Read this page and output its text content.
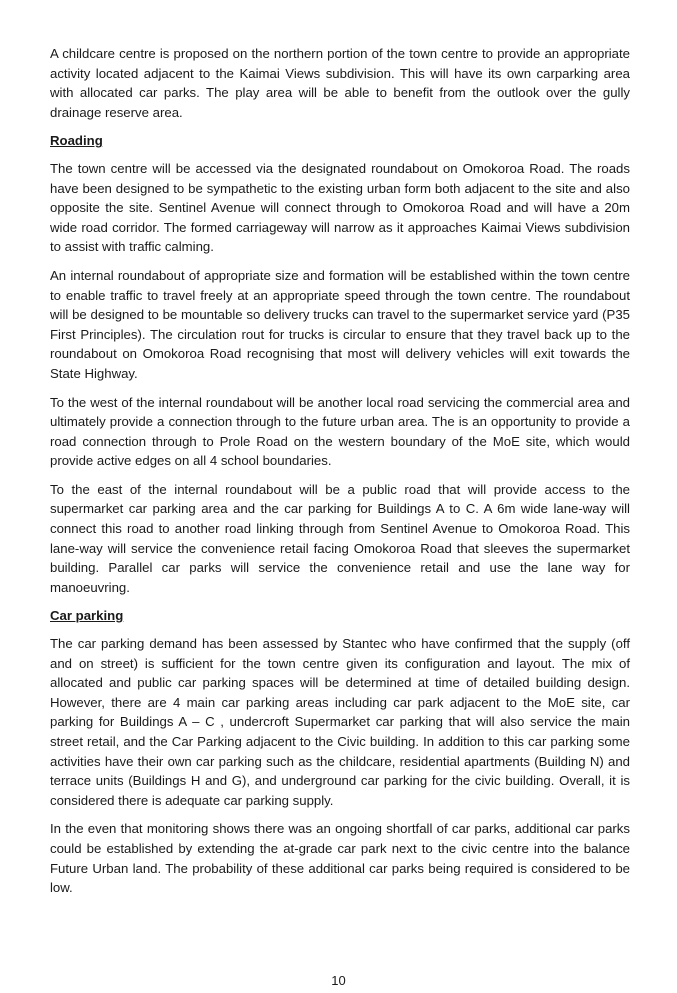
A childcare centre is proposed on the northern portion of the town centre to provide an appropriate activity located adjacent to the Kaimai Views subdivision. This will have its own carparking area with allocated car parks. The play area will be able to benefit from the outlook over the gully drainage reserve area.

Roading

The town centre will be accessed via the designated roundabout on Omokoroa Road. The roads have been designed to be sympathetic to the existing urban form both adjacent to the site and also opposite the site. Sentinel Avenue will connect through to Omokoroa Road and will have a 20m wide road corridor. The formed carriageway will narrow as it approaches Kaimai Views subdivision to assist with traffic calming.

An internal roundabout of appropriate size and formation will be established within the town centre to enable traffic to travel freely at an appropriate speed through the town centre. The roundabout will be designed to be mountable so delivery trucks can travel to the supermarket service yard (P35 First Principles). The circulation rout for trucks is circular to ensure that they travel back up to the roundabout on Omokoroa Road recognising that most will delivery vehicles will exit towards the State Highway.

To the west of the internal roundabout will be another local road servicing the commercial area and ultimately provide a connection through to the future urban area. The is an opportunity to provide a road connection through to Prole Road on the western boundary of the MoE site, which would provide active edges on all 4 school boundaries.

To the east of the internal roundabout will be a public road that will provide access to the supermarket car parking area and the car parking for Buildings A to C. A 6m wide lane-way will connect this road to another road linking through from Sentinel Avenue to Omokoroa Road. This lane-way will service the convenience retail facing Omokoroa Road that sleeves the supermarket building. Parallel car parks will service the convenience retail and use the lane way for manoeuvring.

Car parking

The car parking demand has been assessed by Stantec who have confirmed that the supply (off and on street) is sufficient for the town centre given its configuration and layout. The mix of allocated and public car parking spaces will be determined at time of detailed building design. However, there are 4 main car parking areas including car park adjacent to the MoE site, car parking for Buildings A – C , undercroft Supermarket car parking that will also service the main street retail, and the Car Parking adjacent to the Civic building. In addition to this car parking some activities have their own car parking such as the childcare, residential apartments (Building N) and terrace units (Buildings H and G), and underground car parking for the civic building. Overall, it is considered there is adequate car parking supply.

In the even that monitoring shows there was an ongoing shortfall of car parks, additional car parks could be established by extending the at-grade car park next to the civic centre into the balance Future Urban land. The probability of these additional car parks being required is considered to be low.

10
